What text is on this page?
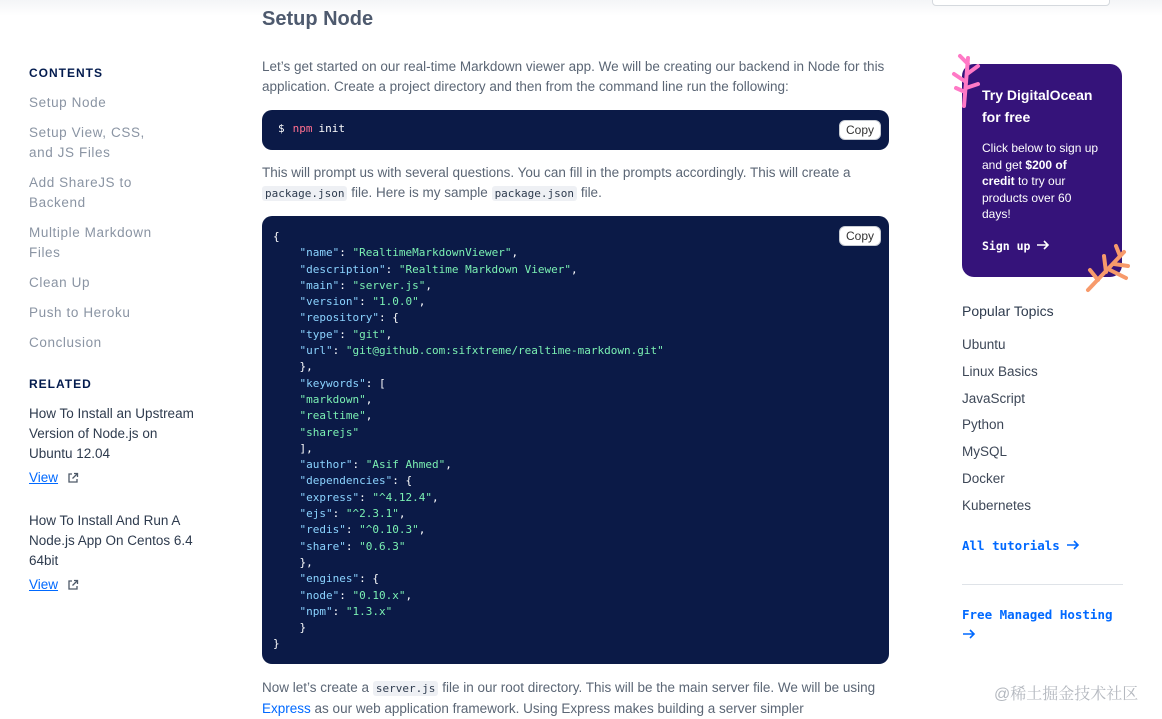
CONTENTS
Setup Node
Setup View, CSS, and JS Files
Add ShareJS to Backend
Multiple Markdown Files
Clean Up
Push to Heroku
Conclusion
RELATED
How To Install an Upstream Version of Node.js on Ubuntu 12.04
View
How To Install And Run A Node.js App On Centos 6.4 64bit
View
Setup Node

Let’s get started on our real-time Markdown viewer app. We will be creating our backend in Node for this application. Create a project directory and then from the command line run the following:

$ npm init	Copy

This will prompt us with several questions. You can fill in the prompts accordingly. This will create a package.json file. Here is my sample package.json file.

Copy
{
"name": "RealtimeMarkdownViewer",
"description": "Realtime Markdown Viewer",
"main": "server.js",
"version": "1.0.0",
"repository": {
"type": "git",
"url": "git@github.com:sifxtreme/realtime-markdown.git"
},
"keywords": [
"markdown",
"realtime",
"sharejs"
],
"author": "Asif Ahmed",
"dependencies": {
"express": "^4.12.4",
"ejs": "^2.3.1",
"redis": "^0.10.3",
"share": "0.6.3"
},
"engines": {
"node": "0.10.x",
"npm": "1.3.x"
}
}

Now let’s create a server.js file in our root directory. This will be the main server file. We will be using Express as our web application framework. Using Express makes building a server simpler

Try DigitalOcean for free

Click below to sign up and get $200 of credit to try our products over 60 days!

Sign up
Popular Topics
Ubuntu
Linux Basics
JavaScript
Python
MySQL
Docker
Kubernetes
All tutorials
Free Managed Hosting
@稀土掘金技术社区
